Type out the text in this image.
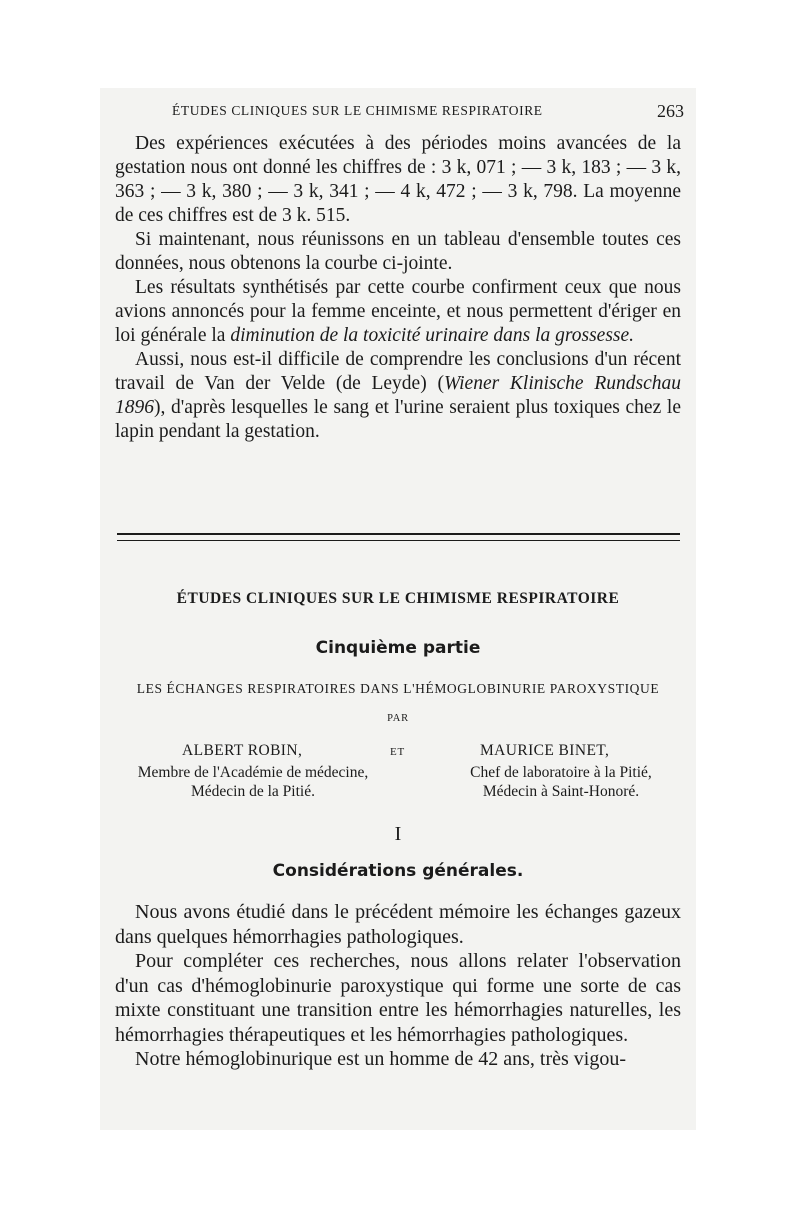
ÉTUDES CLINIQUES SUR LE CHIMISME RESPIRATOIRE	263

Des expériences exécutées à des périodes moins avancées de la gestation nous ont donné les chiffres de : 3 k, 071 ; — 3 k, 183 ; — 3 k, 363 ; — 3 k, 380 ; — 3 k, 341 ; — 4 k, 472 ; — 3 k, 798. La moyenne de ces chiffres est de 3 k. 515.

Si maintenant, nous réunissons en un tableau d'ensemble toutes ces données, nous obtenons la courbe ci-jointe.

Les résultats synthétisés par cette courbe confirment ceux que nous avions annoncés pour la femme enceinte, et nous permettent d'ériger en loi générale la diminution de la toxicité urinaire dans la grossesse.

Aussi, nous est-il difficile de comprendre les conclusions d'un récent travail de Van der Velde (de Leyde) (Wiener Klinische Rundschau 1896), d'après lesquelles le sang et l'urine seraient plus toxiques chez le lapin pendant la gestation.

ÉTUDES CLINIQUES SUR LE CHIMISME RESPIRATOIRE
Cinquième partie
LES ÉCHANGES RESPIRATOIRES DANS L'HÉMOGLOBINURIE PAROXYSTIQUE
PAR
ALBERT ROBIN,	ET	MAURICE BINET,
Membre de l'Académie de médecine,
Médecin de la Pitié.
Chef de laboratoire à la Pitié,
Médecin à Saint-Honoré.
I
Considérations générales.

Nous avons étudié dans le précédent mémoire les échanges gazeux dans quelques hémorrhagies pathologiques.

Pour compléter ces recherches, nous allons relater l'observation d'un cas d'hémoglobinurie paroxystique qui forme une sorte de cas mixte constituant une transition entre les hémorrhagies naturelles, les hémorrhagies thérapeutiques et les hémorrhagies pathologiques.

Notre hémoglobinurique est un homme de 42 ans, très vigou-
